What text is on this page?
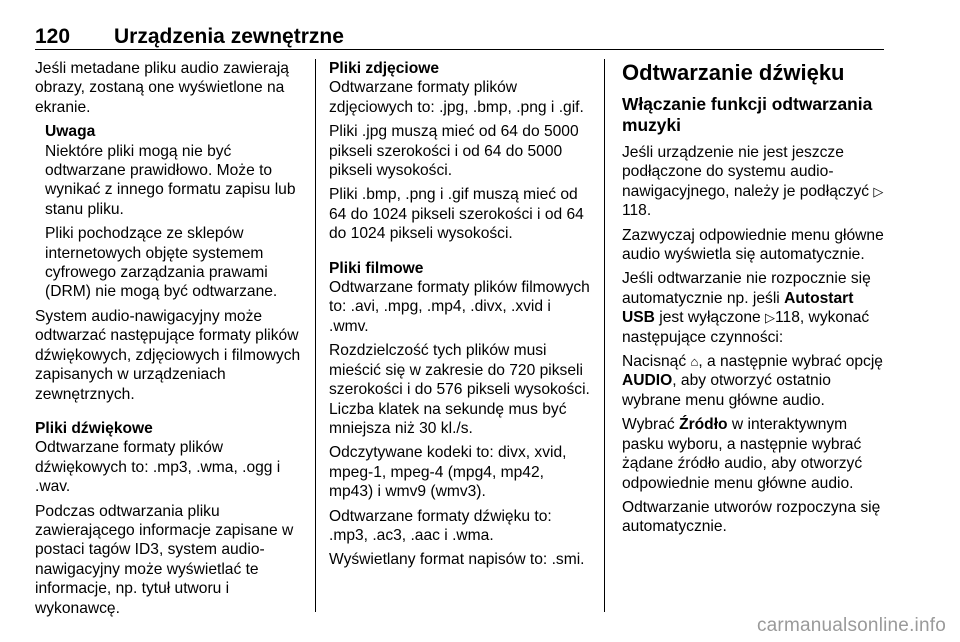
120 Urządzenia zewnętrzne

Jeśli metadane pliku audio zawierają obrazy, zostaną one wyświetlone na ekranie.

Uwaga

Niektóre pliki mogą nie być odtwarzane prawidłowo. Może to wynikać z innego formatu zapisu lub stanu pliku.

Pliki pochodzące ze sklepów internetowych objęte systemem cyfrowego zarządzania prawami (DRM) nie mogą być odtwarzane.

System audio-nawigacyjny może odtwarzać następujące formaty plików dźwiękowych, zdjęciowych i filmowych zapisanych w urządzeniach zewnętrznych.

Pliki dźwiękowe
Odtwarzane formaty plików dźwiękowych to: .mp3, .wma, .ogg i .wav.

Podczas odtwarzania pliku zawierającego informacje zapisane w postaci tagów ID3, system audio-nawigacyjny może wyświetlać te informacje, np. tytuł utworu i wykonawcę.

Pliki zdjęciowe
Odtwarzane formaty plików zdjęciowych to: .jpg, .bmp, .png i .gif.

Pliki .jpg muszą mieć od 64 do 5000 pikseli szerokości i od 64 do 5000 pikseli wysokości.

Pliki .bmp, .png i .gif muszą mieć od 64 do 1024 pikseli szerokości i od 64 do 1024 pikseli wysokości.

Pliki filmowe
Odtwarzane formaty plików filmowych to: .avi, .mpg, .mp4, .divx, .xvid i .wmv.

Rozdzielczość tych plików musi mieścić się w zakresie do 720 pikseli szerokości i do 576 pikseli wysokości. Liczba klatek na sekundę mus być mniejsza niż 30 kl./s.

Odczytywane kodeki to: divx, xvid, mpeg-1, mpeg-4 (mpg4, mp42, mp43) i wmv9 (wmv3).

Odtwarzane formaty dźwięku to: .mp3, .ac3, .aac i .wma.

Wyświetlany format napisów to: .smi.

Odtwarzanie dźwięku
Włączanie funkcji odtwarzania muzyki

Jeśli urządzenie nie jest jeszcze podłączone do systemu audio-nawigacyjnego, należy je podłączyć ▷ 118.

Zazwyczaj odpowiednie menu główne audio wyświetla się automatycznie.

Jeśli odtwarzanie nie rozpocznie się automatycznie np. jeśli Autostart USB jest wyłączone ▷118, wykonać następujące czynności:

Nacisnąć ⌂, a następnie wybrać opcję AUDIO, aby otworzyć ostatnio wybrane menu główne audio.

Wybrać Źródło w interaktywnym pasku wyboru, a następnie wybrać żądane źródło audio, aby otworzyć odpowiednie menu główne audio.

Odtwarzanie utworów rozpoczyna się automatycznie.

carmanualsonline.info
